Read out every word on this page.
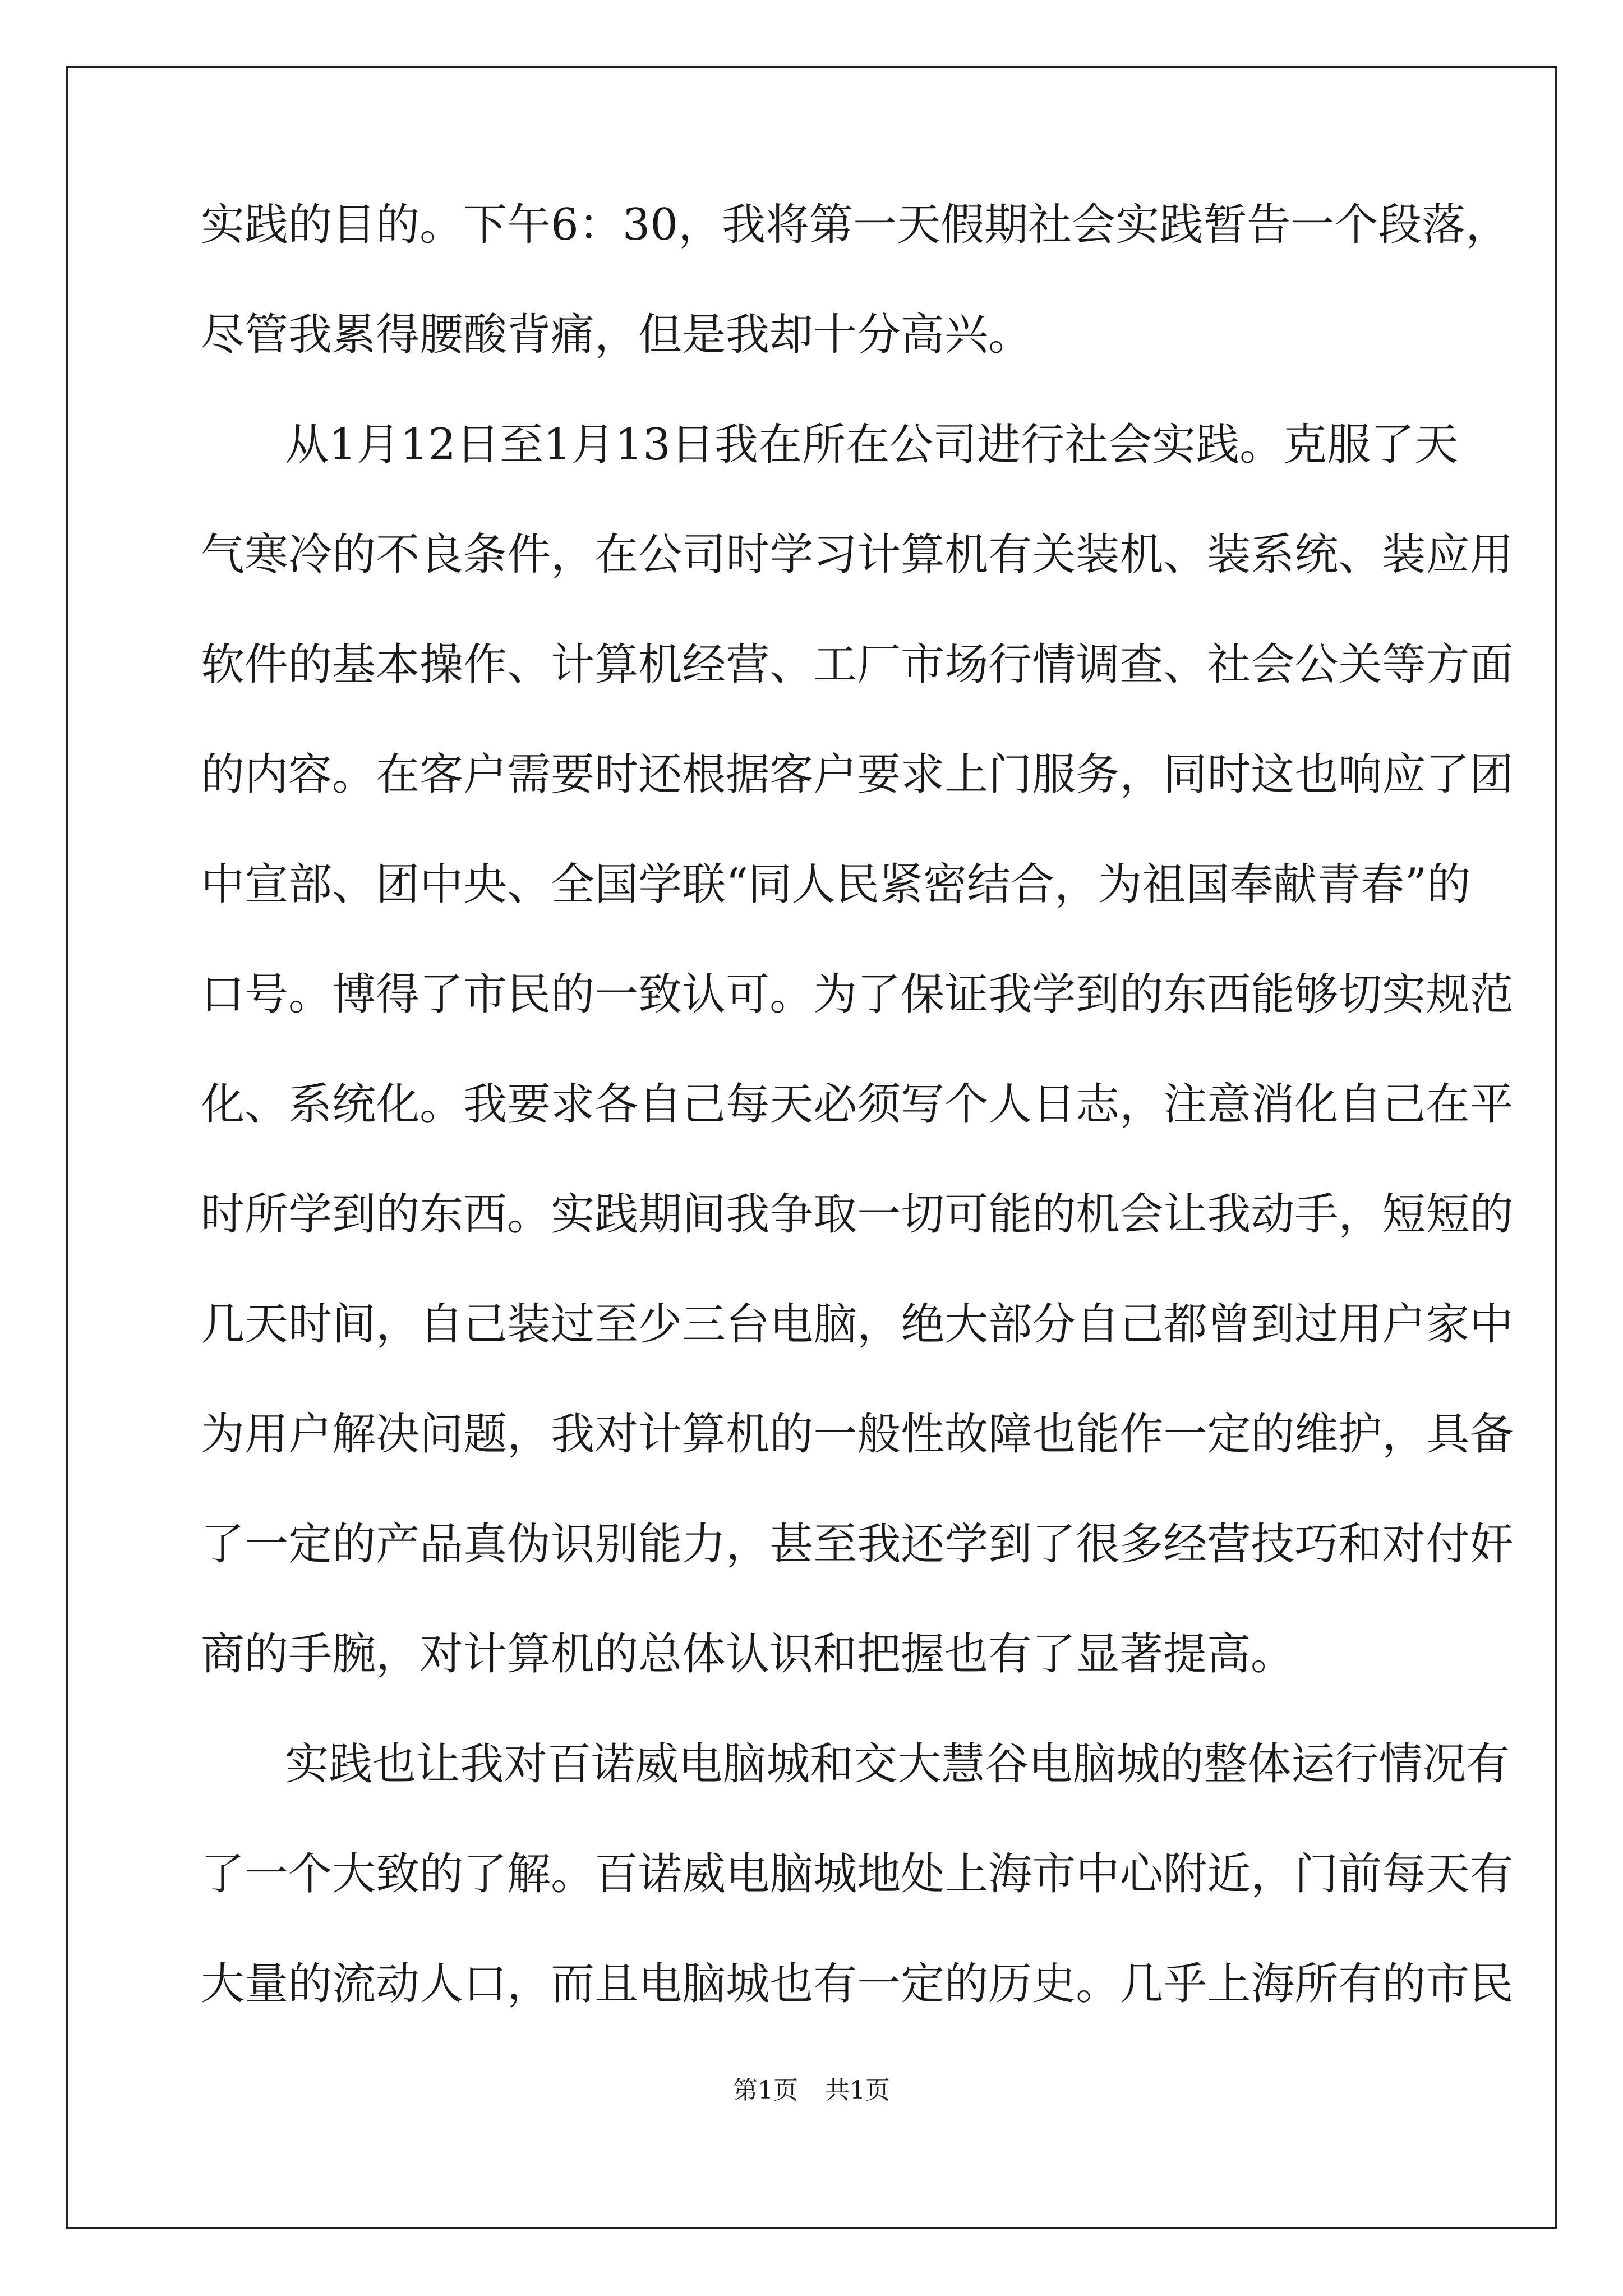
实 践 的 目 的 。 下 午 6 ： 3 0 ， 我 将 第 一 天 假 期 社 会 实 践 暂 告 一 个 段 落 ，
尽管我累得腰酸背痛，但是我却十分高兴。
从 1 月 1 2 日 至 1 月 1 3 日 我 在 所 在 公 司 进 行 社 会 实 践 。 克 服 了 天
气 寒 冷 的 不 良 条 件 ， 在 公 司 时 学 习 计 算 机 有 关 装 机 、 装 系 统 、 装 应 用
软 件 的 基 本 操 作 、 计 算 机 经 营 、 工 厂 市 场 行 情 调 查 、 社 会 公 关 等 方 面
的 内 容 。 在 客 户 需 要 时 还 根 据 客 户 要 求 上 门 服 务 ， 同 时 这 也 响 应 了 团
中 宣 部 、 团 中 央 、 全 国 学 联 “ 同 人 民 紧 密 结 合 ， 为 祖 国 奉 献 青 春 ” 的
口 号 。 博 得 了 市 民 的 一 致 认 可 。 为 了 保 证 我 学 到 的 东 西 能 够 切 实 规 范
化 、 系 统 化 。 我 要 求 各 自 己 每 天 必 须 写 个 人 日 志 ， 注 意 消 化 自 己 在 平
时 所 学 到 的 东 西 。 实 践 期 间 我 争 取 一 切 可 能 的 机 会 让 我 动 手 ， 短 短 的
几 天 时 间 ， 自 己 装 过 至 少 三 台 电 脑 ， 绝 大 部 分 自 己 都 曾 到 过 用 户 家 中
为 用 户 解 决 问 题 ， 我 对 计 算 机 的 一 般 性 故 障 也 能 作 一 定 的 维 护 ， 具 备
了 一 定 的 产 品 真 伪 识 别 能 力 ， 甚 至 我 还 学 到 了 很 多 经 营 技 巧 和 对 付 奸
商的手腕，对计算机的总体认识和把握也有了显著提高。
实 践 也 让 我 对 百 诺 威 电 脑 城 和 交 大 慧 谷 电 脑 城 的 整 体 运 行 情 况 有
了 一 个 大 致 的 了 解 。 百 诺 威 电 脑 城 地 处 上 海 市 中 心 附 近 ， 门 前 每 天 有
大 量 的 流 动 人 口 ， 而 且 电 脑 城 也 有 一 定 的 历 史 。 几 乎 上 海 所 有 的 市 民
第1页 共1页
